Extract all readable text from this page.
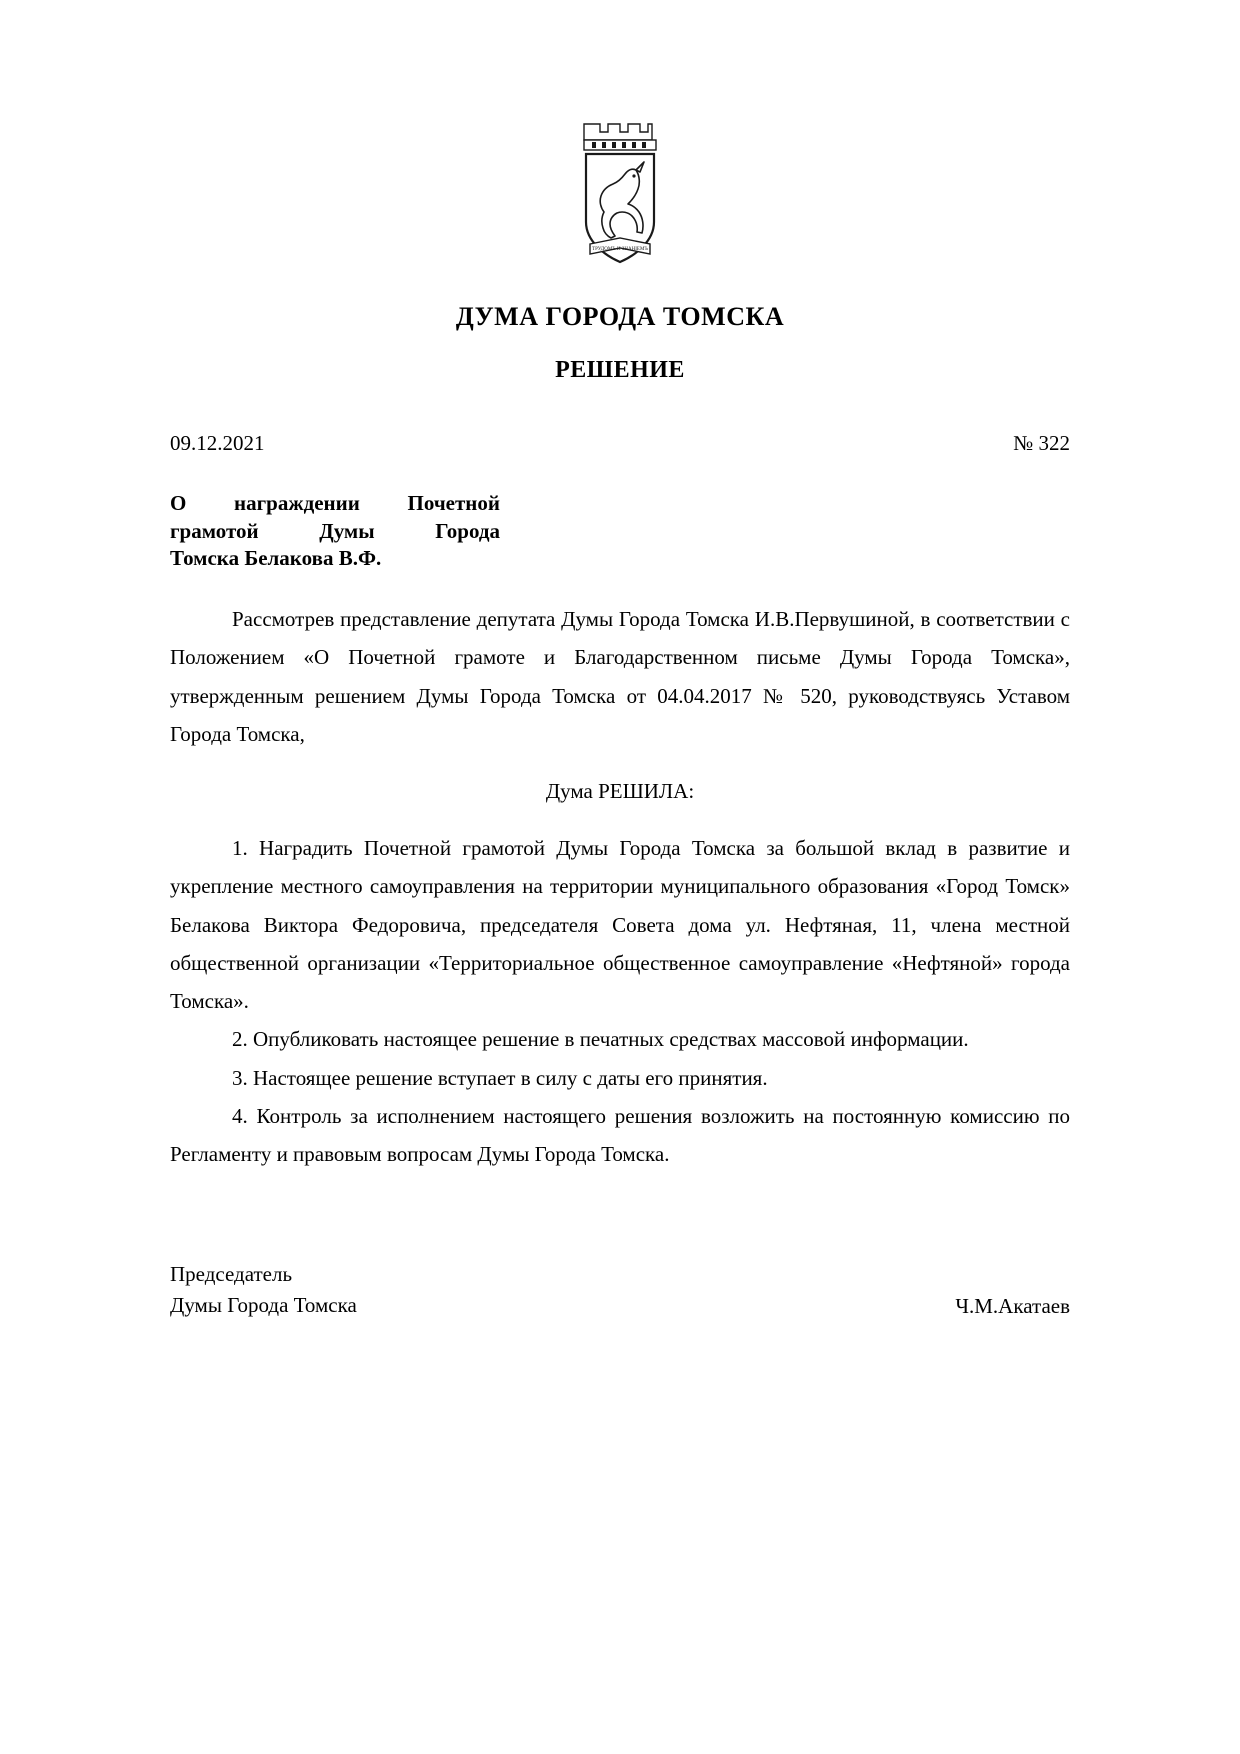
ТРУДОМЪ И ЗНАНІЕМЪ
ДУМА ГОРОДА ТОМСКА
РЕШЕНИЕ
09.12.2021	№ 322
О награждении Почетной
грамотой Думы Города
Томска Белакова В.Ф.

Рассмотрев представление депутата Думы Города Томска И.В.Первушиной, в соответствии с Положением «О Почетной грамоте и Благодарственном письме Думы Города Томска», утвержденным решением Думы Города Томска от 04.04.2017 № 520, руководствуясь Уставом Города Томска,

Дума РЕШИЛА:

1. Наградить Почетной грамотой Думы Города Томска за большой вклад в развитие и укрепление местного самоуправления на территории муниципального образования «Город Томск» Белакова Виктора Федоровича, председателя Совета дома ул. Нефтяная, 11, члена местной общественной организации «Территориальное общественное самоуправление «Нефтяной» города Томска».

2. Опубликовать настоящее решение в печатных средствах массовой информации.

3. Настоящее решение вступает в силу с даты его принятия.

4. Контроль за исполнением настоящего решения возложить на постоянную комиссию по Регламенту и правовым вопросам Думы Города Томска.

Председатель
Думы Города Томска	Ч.М.Акатаев
